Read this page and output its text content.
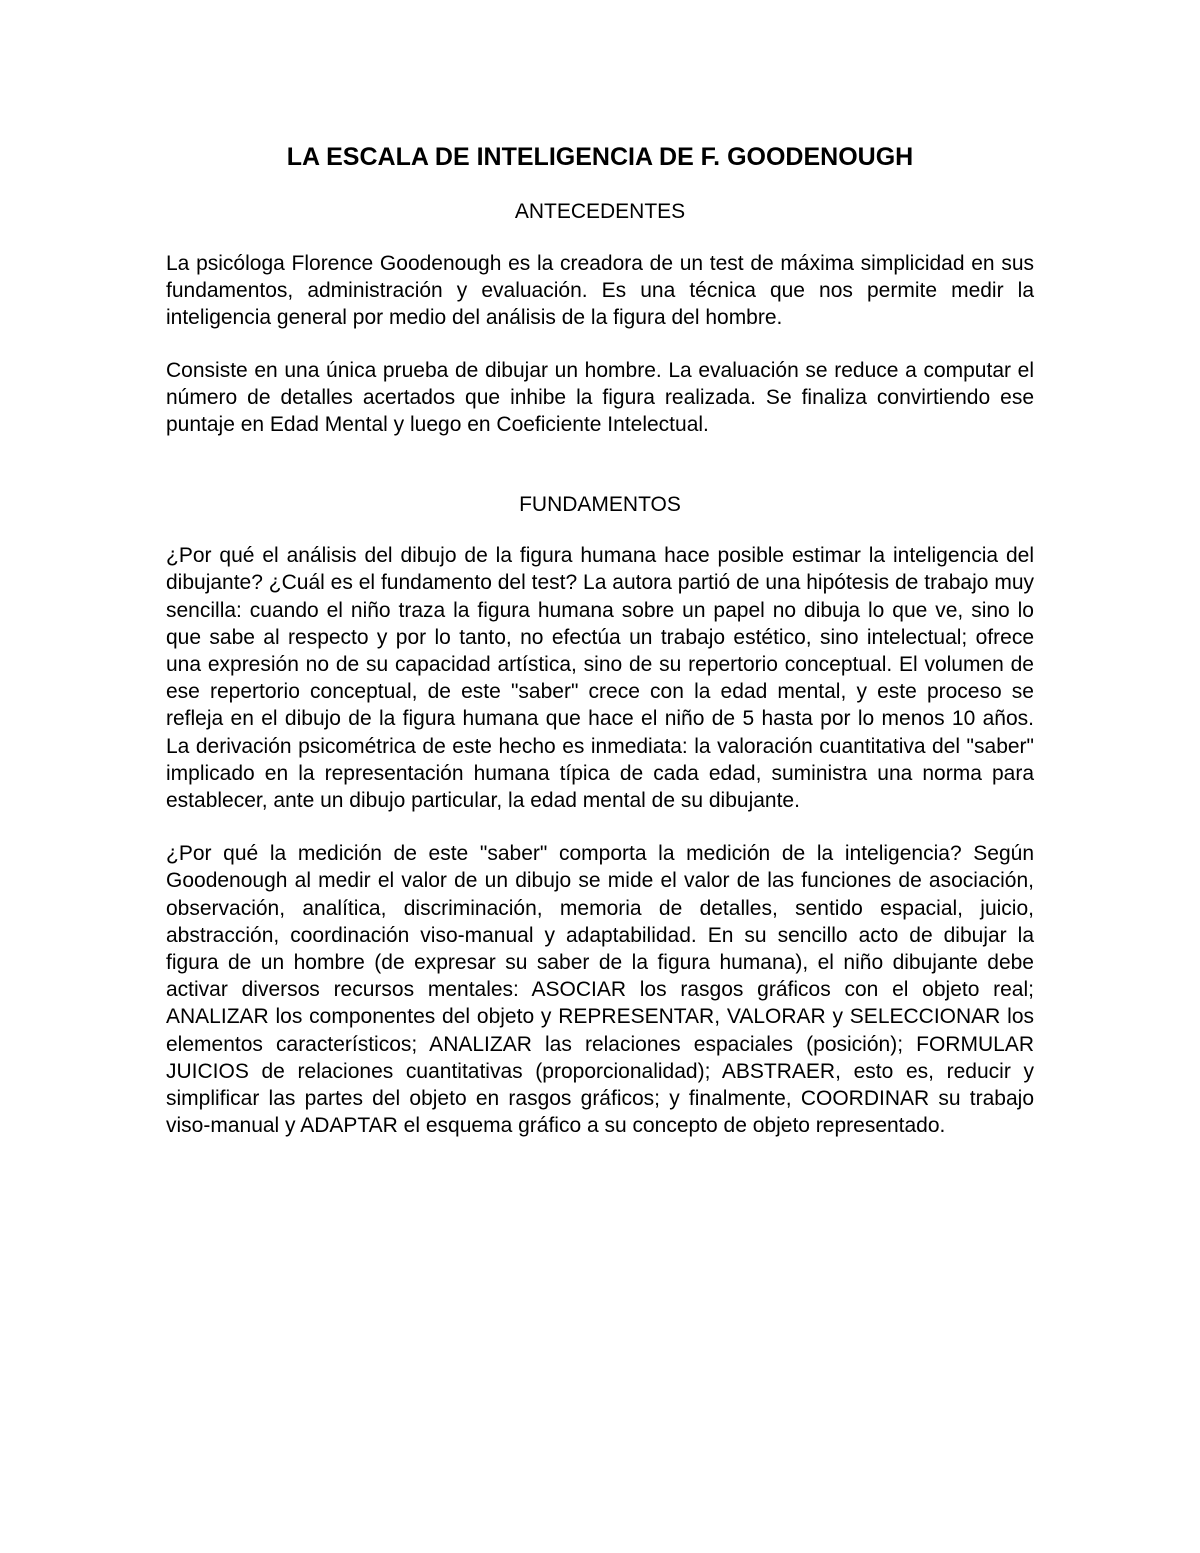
LA ESCALA DE INTELIGENCIA DE F. GOODENOUGH
ANTECEDENTES

La psicóloga Florence Goodenough es la creadora de un test de máxima simplicidad en sus fundamentos, administración y evaluación. Es una técnica que nos permite medir la inteligencia general por medio del análisis de la figura del hombre.

Consiste en una única prueba de dibujar un hombre. La evaluación se reduce a computar el número de detalles acertados que inhibe la figura realizada. Se finaliza convirtiendo ese puntaje en Edad Mental y luego en Coeficiente Intelectual.

FUNDAMENTOS

¿Por qué el análisis del dibujo de la figura humana hace posible estimar la inteligencia del dibujante? ¿Cuál es el fundamento del test? La autora partió de una hipótesis de trabajo muy sencilla: cuando el niño traza la figura humana sobre un papel no dibuja lo que ve, sino lo que sabe al respecto y por lo tanto, no efectúa un trabajo estético, sino intelectual; ofrece una expresión no de su capacidad artística, sino de su repertorio conceptual. El volumen de ese repertorio conceptual, de este "saber" crece con la edad mental, y este proceso se refleja en el dibujo de la figura humana que hace el niño de 5 hasta por lo menos 10 años. La derivación psicométrica de este hecho es inmediata: la valoración cuantitativa del "saber" implicado en la representación humana típica de cada edad, suministra una norma para establecer, ante un dibujo particular, la edad mental de su dibujante.

¿Por qué la medición de este "saber" comporta la medición de la inteligencia? Según Goodenough al medir el valor de un dibujo se mide el valor de las funciones de asociación, observación, analítica, discriminación, memoria de detalles, sentido espacial, juicio, abstracción, coordinación viso-manual y adaptabilidad. En su sencillo acto de dibujar la figura de un hombre (de expresar su saber de la figura humana), el niño dibujante debe activar diversos recursos mentales: ASOCIAR los rasgos gráficos con el objeto real; ANALIZAR los componentes del objeto y REPRESENTAR, VALORAR y SELECCIONAR los elementos característicos; ANALIZAR las relaciones espaciales (posición); FORMULAR JUICIOS de relaciones cuantitativas (proporcionalidad); ABSTRAER, esto es, reducir y simplificar las partes del objeto en rasgos gráficos; y finalmente, COORDINAR su trabajo viso-manual y ADAPTAR el esquema gráfico a su concepto de objeto representado.
